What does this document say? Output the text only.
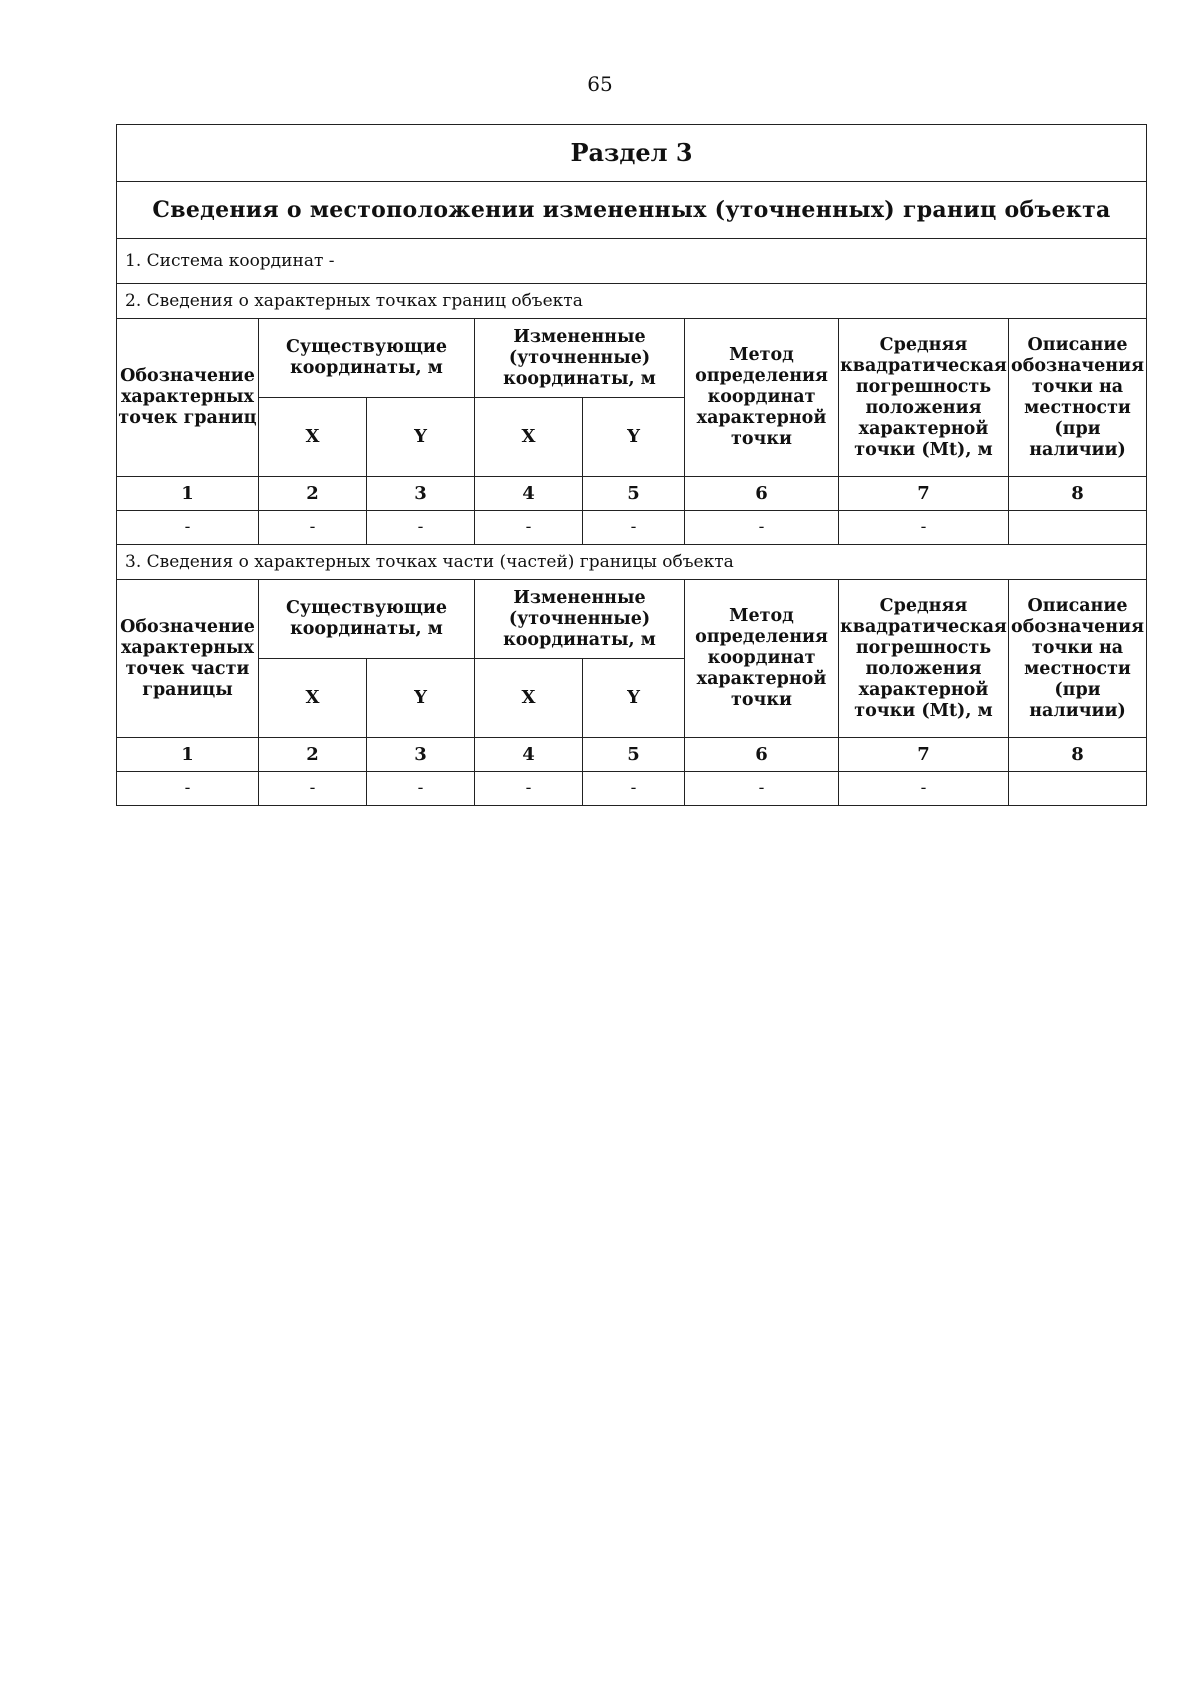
65
Раздел 3							
Сведения о местоположении измененных (уточненных) границ объекта							
1. Система координат -							
2. Сведения о характерных точках границ объекта							
Обозначение характерных точек границ	Существующие координаты, м		Измененные (уточненные) координаты, м		Метод определения координат характерной точки	Средняя квадратическая погрешность положения характерной точки (Mt), м	Описание обозначения точки на местности (при наличии)
	X	Y	X	Y			
1	2	3	4	5	6	7	8
-	-	-	-	-	-	-	
3. Сведения о характерных точках части (частей) границы объекта							
Обозначение характерных точек части границы	Существующие координаты, м		Измененные (уточненные) координаты, м		Метод определения координат характерной точки	Средняя квадратическая погрешность положения характерной точки (Mt), м	Описание обозначения точки на местности (при наличии)
	X	Y	X	Y			
1	2	3	4	5	6	7	8
-	-	-	-	-	-	-	
